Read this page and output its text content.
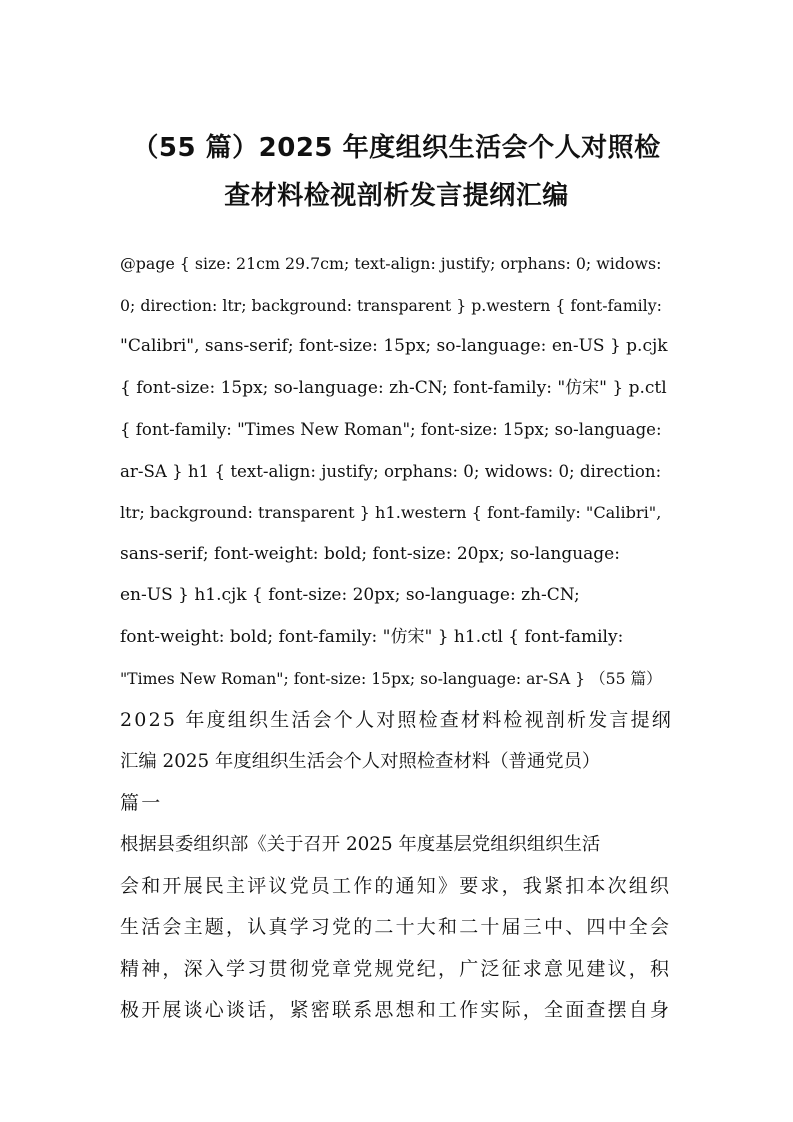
（55 篇）2025 年度组织生活会个人对照检
查材料检视剖析发言提纲汇编
@page { size: 21cm 29.7cm; text-align: justify; orphans: 0; widows:
0; direction: ltr; background: transparent } p.western { font-family:
"Calibri", sans-serif; font-size: 15px; so-language: en-US } p.cjk
{ font-size: 15px; so-language: zh-CN; font-family: "仿宋" } p.ctl
{ font-family: "Times New Roman"; font-size: 15px; so-language:
ar-SA } h1 { text-align: justify; orphans: 0; widows: 0; direction:
ltr; background: transparent } h1.western { font-family: "Calibri",
sans-serif; font-weight: bold; font-size: 20px; so-language:
en-US } h1.cjk { font-size: 20px; so-language: zh-CN;
font-weight: bold; font-family: "仿宋" } h1.ctl { font-family:
"Times New Roman"; font-size: 15px; so-language: ar-SA } （55 篇）
2025 年度组织生活会个人对照检查材料检视剖析发言提纲
汇编 2025 年度组织生活会个人对照检查材料（普通党员）
篇一
根据县委组织部《关于召开 2025 年度基层党组织组织生活
会和开展民主评议党员工作的通知》要求，我紧扣本次组织
生活会主题，认真学习党的二十大和二十届三中、四中全会
精神，深入学习贯彻党章党规党纪，广泛征求意见建议，积
极开展谈心谈话，紧密联系思想和工作实际，全面查摆自身
